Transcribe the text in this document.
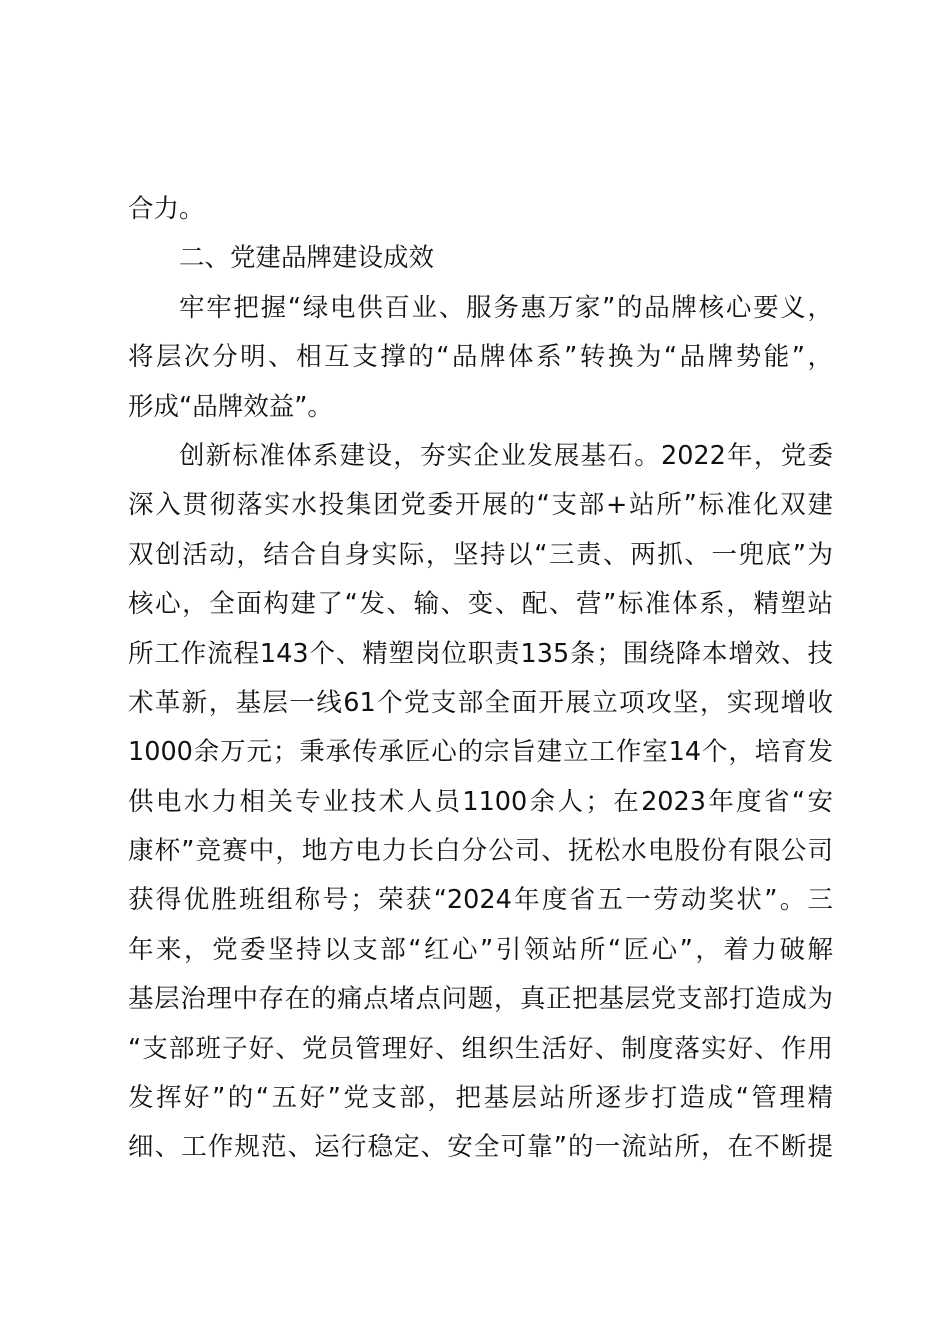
合力。
二、党建品牌建设成效
牢牢把握“绿电供百业、服务惠万家”的品牌核心要义，
将层次分明、相互支撑的“品牌体系”转换为“品牌势能”，
形成“品牌效益”。
创新标准体系建设，夯实企业发展基石。2022年，党委
深入贯彻落实水投集团党委开展的“支部+站所”标准化双建
双创活动，结合自身实际，坚持以“三责、两抓、一兜底”为
核心，全面构建了“发、输、变、配、营”标准体系，精塑站
所工作流程143个、精塑岗位职责135条；围绕降本增效、技
术革新，基层一线61个党支部全面开展立项攻坚，实现增收
1000余万元；秉承传承匠心的宗旨建立工作室14个，培育发
供电水力相关专业技术人员1100余人；在2023年度省“安
康杯”竞赛中，地方电力长白分公司、抚松水电股份有限公司
获得优胜班组称号；荣获“2024年度省五一劳动奖状”。三
年来，党委坚持以支部“红心”引领站所“匠心”，着力破解
基层治理中存在的痛点堵点问题，真正把基层党支部打造成为
“支部班子好、党员管理好、组织生活好、制度落实好、作用
发挥好”的“五好”党支部，把基层站所逐步打造成“管理精
细、工作规范、运行稳定、安全可靠”的一流站所，在不断提
